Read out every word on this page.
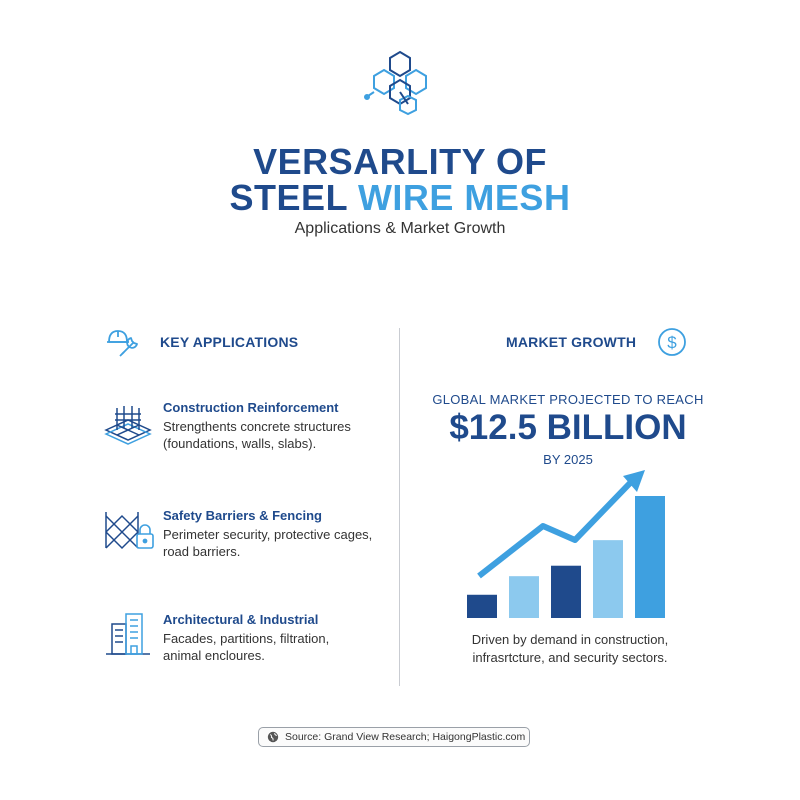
VERSARLITY OF
STEEL WIRE MESH
Applications & Market Growth
KEY APPLICATIONS
Construction Reinforcement
Strengthents concrete structures
(foundations, walls, slabs).
Safety Barriers & Fencing
Perimeter security, protective cages,
road barriers.
Architectural & Industrial
Facades, partitions, filtration,
animal encloures.
MARKET GROWTH $
GLOBAL MARKET PROJECTED TO REACH
$12.5 BILLION
BY 2025
Driven by demand in construction,
infrasrtcture, and security sectors.
Source: Grand View Research; HaigongPlastic.com
